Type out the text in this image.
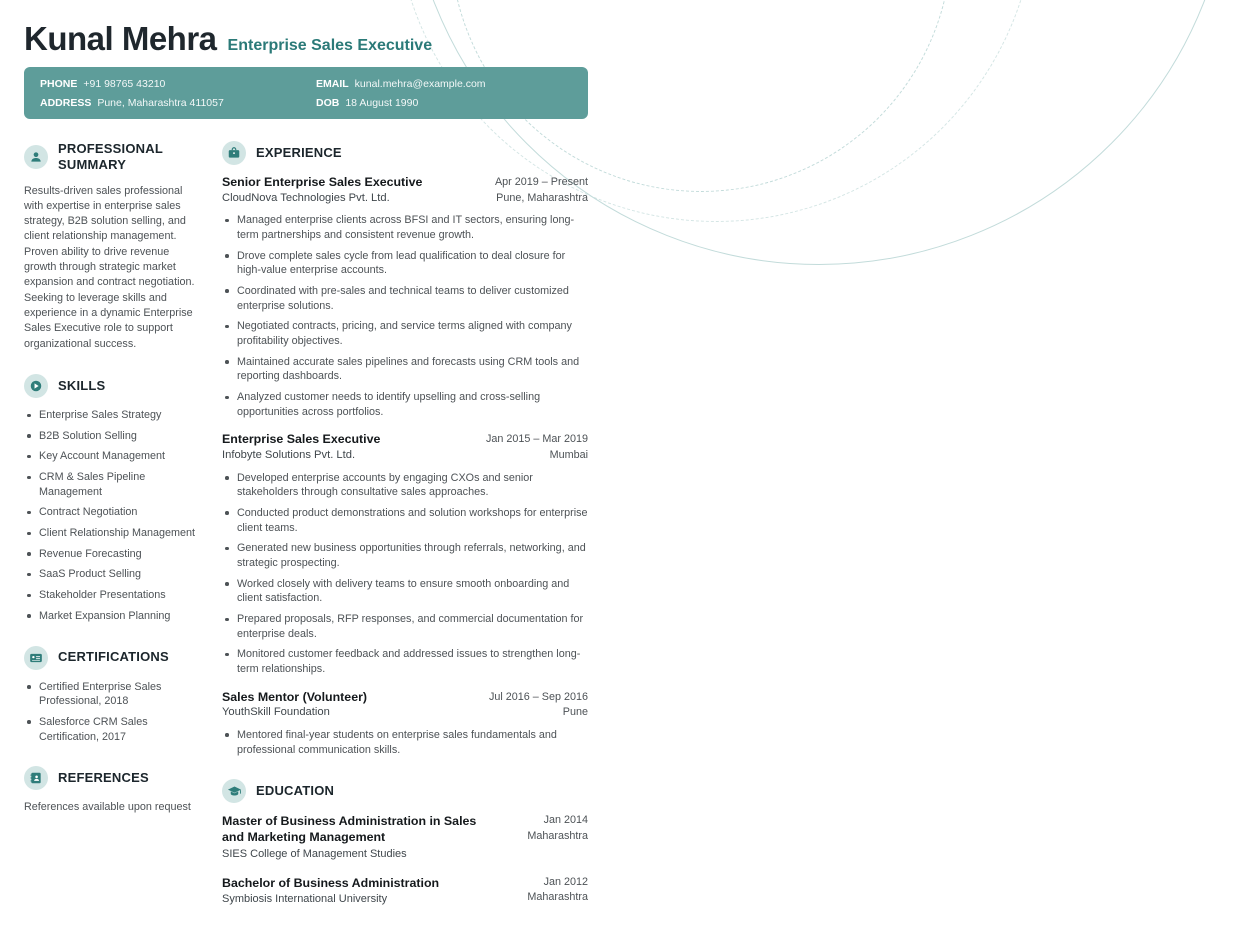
Kunal Mehra Enterprise Sales Executive
PHONE +91 98765 43210
ADDRESS Pune, Maharashtra 411057
EMAIL kunal.mehra@example.com
DOB 18 August 1990
PROFESSIONAL SUMMARY

Results-driven sales professional with expertise in enterprise sales strategy, B2B solution selling, and client relationship management. Proven ability to drive revenue growth through strategic market expansion and contract negotiation. Seeking to leverage skills and experience in a dynamic Enterprise Sales Executive role to support organizational success.

SKILLS
Enterprise Sales Strategy
B2B Solution Selling
Key Account Management
CRM & Sales Pipeline Management
Contract Negotiation
Client Relationship Management
Revenue Forecasting
SaaS Product Selling
Stakeholder Presentations
Market Expansion Planning
CERTIFICATIONS
Certified Enterprise Sales Professional, 2018
Salesforce CRM Sales Certification, 2017
REFERENCES

References available upon request

EXPERIENCE
Senior Enterprise Sales Executive
CloudNova Technologies Pvt. Ltd.
Apr 2019 – Present
Pune, Maharashtra
Managed enterprise clients across BFSI and IT sectors, ensuring long-term partnerships and consistent revenue growth.
Drove complete sales cycle from lead qualification to deal closure for high-value enterprise accounts.
Coordinated with pre-sales and technical teams to deliver customized enterprise solutions.
Negotiated contracts, pricing, and service terms aligned with company profitability objectives.
Maintained accurate sales pipelines and forecasts using CRM tools and reporting dashboards.
Analyzed customer needs to identify upselling and cross-selling opportunities across portfolios.
Enterprise Sales Executive
Infobyte Solutions Pvt. Ltd.
Jan 2015 – Mar 2019
Mumbai
Developed enterprise accounts by engaging CXOs and senior stakeholders through consultative sales approaches.
Conducted product demonstrations and solution workshops for enterprise client teams.
Generated new business opportunities through referrals, networking, and strategic prospecting.
Worked closely with delivery teams to ensure smooth onboarding and client satisfaction.
Prepared proposals, RFP responses, and commercial documentation for enterprise deals.
Monitored customer feedback and addressed issues to strengthen long-term relationships.
Sales Mentor (Volunteer)
YouthSkill Foundation
Jul 2016 – Sep 2016
Pune
Mentored final-year students on enterprise sales fundamentals and professional communication skills.
EDUCATION
Master of Business Administration in Sales and Marketing Management
SIES College of Management Studies
Jan 2014
Maharashtra
Bachelor of Business Administration
Symbiosis International University
Jan 2012
Maharashtra
